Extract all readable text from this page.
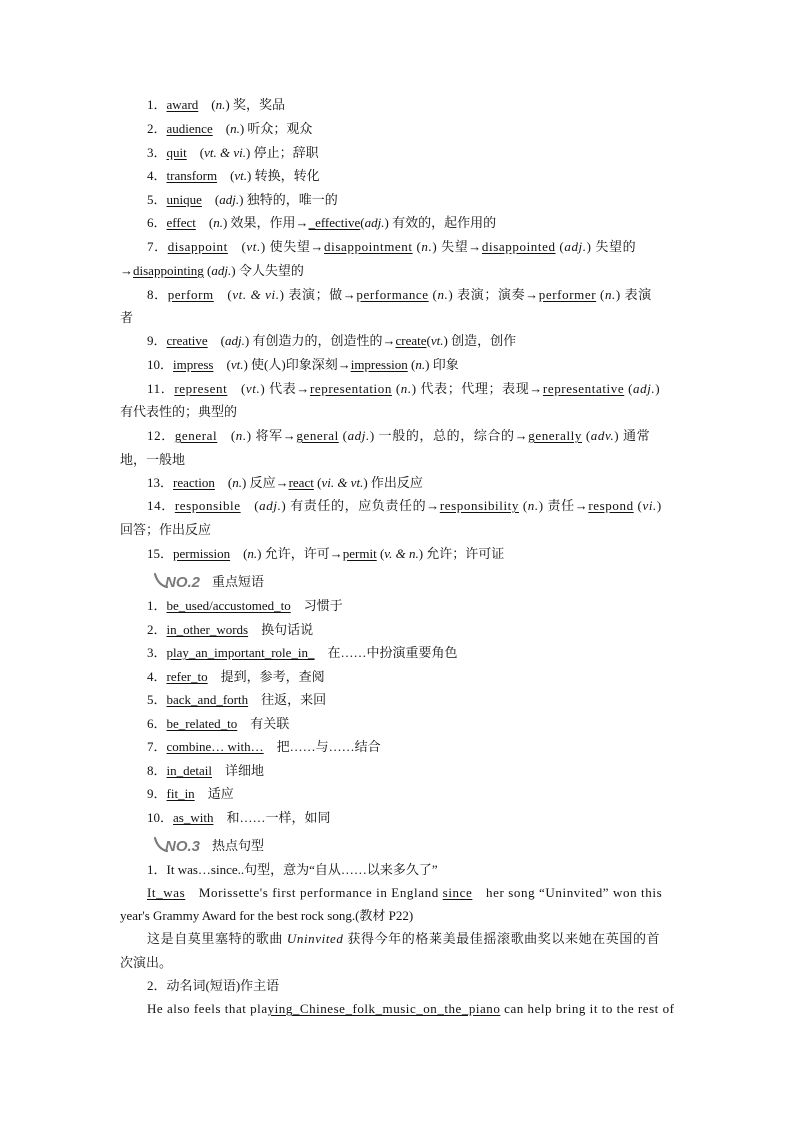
1．award　(n.) 奖，奖品
2．audience　(n.) 听众；观众
3．quit　(vt. & vi.) 停止；辞职
4．transform　(vt.) 转换，转化
5．unique　(adj.) 独特的，唯一的
6．effect　(n.) 效果，作用→_effective(adj.) 有效的，起作用的
7．disappoint　(vt.) 使失望→disappointment (n.) 失望→disappointed (adj.) 失望的
→disappointing (adj.) 令人失望的
8．perform　(vt. & vi.) 表演；做→performance (n.) 表演；演奏→performer (n.) 表演
者
9．creative　(adj.) 有创造力的，创造性的→create(vt.) 创造，创作
10．impress　(vt.) 使(人)印象深刻→impression (n.) 印象
11．represent　(vt.) 代表→representation (n.) 代表；代理；表现→representative (adj.)
有代表性的；典型的
12．general　(n.) 将军→general (adj.) 一般的，总的，综合的→generally (adv.) 通常
地，一般地
13．reaction　(n.) 反应→react (vi. & vt.) 作出反应
14．responsible　(adj.) 有责任的，应负责任的→responsibility (n.) 责任→respond (vi.)
回答；作出反应
15．permission　(n.) 允许，许可→permit (v. & n.) 允许；许可证
NO.2 重点短语
1．be_used/accustomed_to　习惯于
2．in_other_words　换句话说
3．play_an_important_role_in_　在……中扮演重要角色
4．refer_to　提到，参考，查阅
5．back_and_forth　往返，来回
6．be_related_to　有关联
7．combine… with…　把……与……结合
8．in_detail　详细地
9．fit_in　适应
10．as_with　和……一样，如同
NO.3 热点句型
1．It was…since..句型，意为“自从……以来多久了”
It_was　Morissette's first performance in England since　her song “Uninvited” won this
year's Grammy Award for the best rock song.(教材 P22)
这是自莫里塞特的歌曲 Uninvited 获得今年的格莱美最佳摇滚歌曲奖以来她在英国的首
次演出。
2．动名词(短语)作主语
He also feels that playing_Chinese_folk_music_on_the_piano can help bring it to the rest of
